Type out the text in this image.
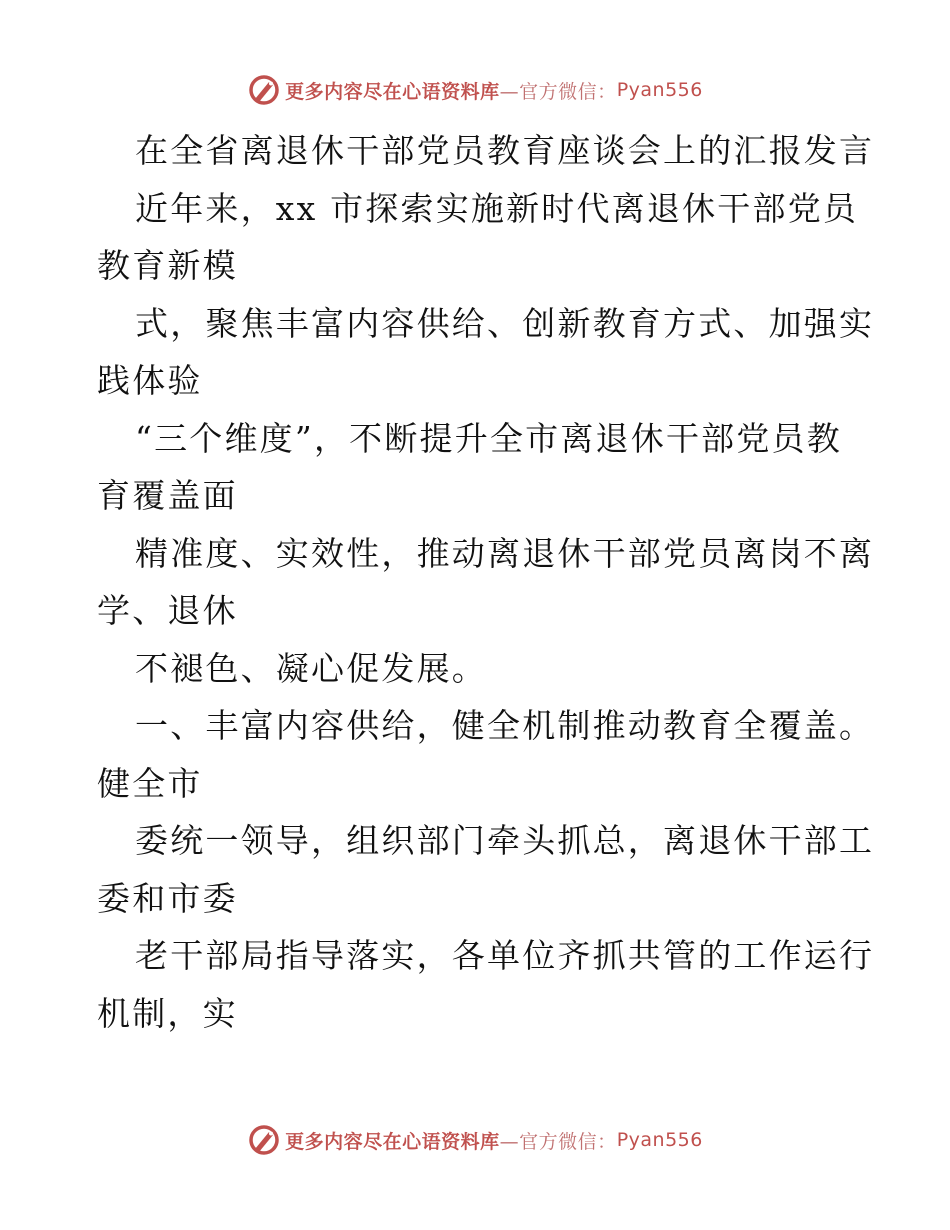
更多内容尽在心语资料库 —官方微信： Pyan556
在全省离退休干部党员教育座谈会上的汇报发言
近年来，xx 市探索实施新时代离退休干部党员
教育新模
式，聚焦丰富内容供给、创新教育方式、加强实
践体验
“三个维度”，不断提升全市离退休干部党员教
育覆盖面
精准度、实效性，推动离退休干部党员离岗不离
学、退休
不褪色、凝心促发展。
一、丰富内容供给，健全机制推动教育全覆盖。
健全市
委统一领导，组织部门牵头抓总，离退休干部工
委和市委
老干部局指导落实，各单位齐抓共管的工作运行
机制，实
更多内容尽在心语资料库 —官方微信： Pyan556
